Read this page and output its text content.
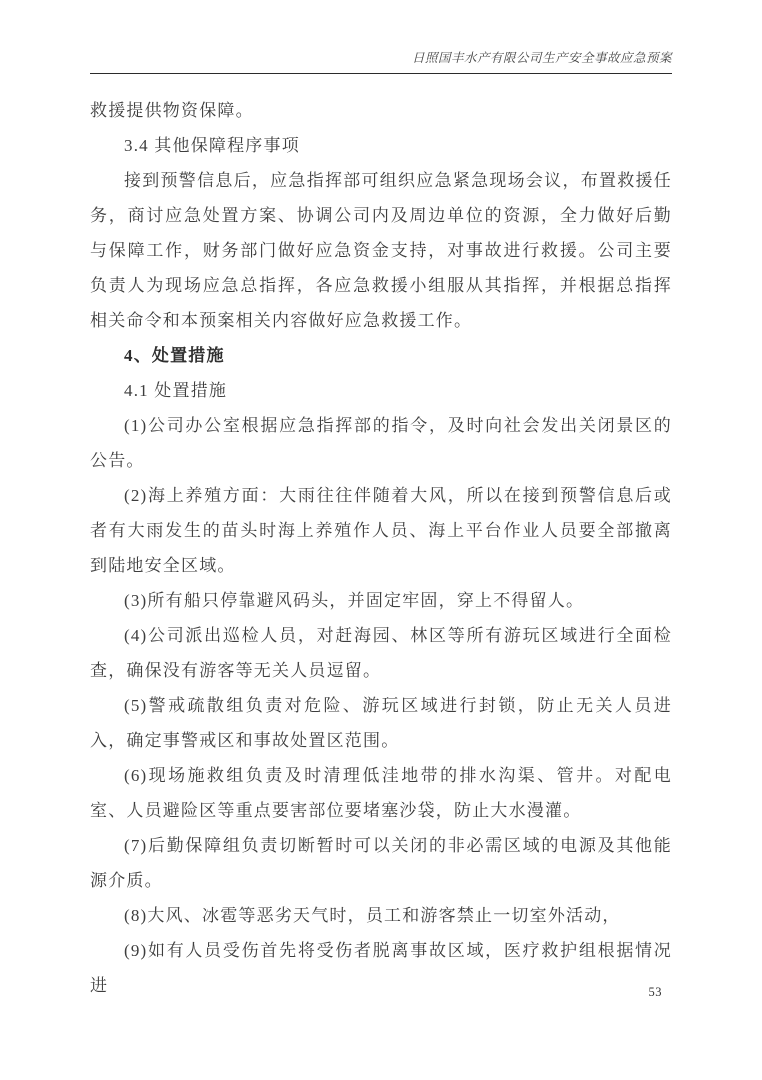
日照国丰水产有限公司生产安全事故应急预案

救援提供物资保障。

3.4 其他保障程序事项

接到预警信息后，应急指挥部可组织应急紧急现场会议，布置救援任务，商讨应急处置方案、协调公司内及周边单位的资源，全力做好后勤与保障工作，财务部门做好应急资金支持，对事故进行救援。公司主要负责人为现场应急总指挥，各应急救援小组服从其指挥，并根据总指挥相关命令和本预案相关内容做好应急救援工作。

4、处置措施

4.1 处置措施

(1)公司办公室根据应急指挥部的指令，及时向社会发出关闭景区的公告。

(2)海上养殖方面：大雨往往伴随着大风，所以在接到预警信息后或者有大雨发生的苗头时海上养殖作人员、海上平台作业人员要全部撤离到陆地安全区域。

(3)所有船只停靠避风码头，并固定牢固，穿上不得留人。

(4)公司派出巡检人员，对赶海园、林区等所有游玩区域进行全面检查，确保没有游客等无关人员逗留。

(5)警戒疏散组负责对危险、游玩区域进行封锁，防止无关人员进入，确定事警戒区和事故处置区范围。

(6)现场施救组负责及时清理低洼地带的排水沟渠、管井。对配电室、人员避险区等重点要害部位要堵塞沙袋，防止大水漫灌。

(7)后勤保障组负责切断暂时可以关闭的非必需区域的电源及其他能源介质。

(8)大风、冰雹等恶劣天气时，员工和游客禁止一切室外活动，

(9)如有人员受伤首先将受伤者脱离事故区域，医疗救护组根据情况进	53
